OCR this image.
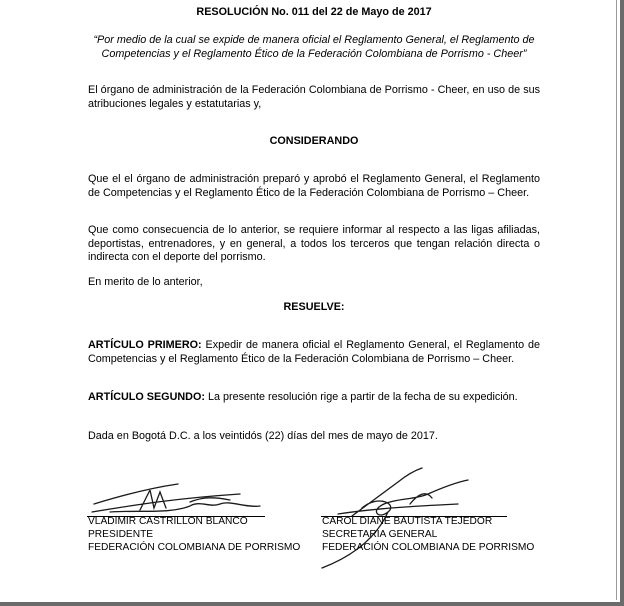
RESOLUCIÓN No. 011 del 22 de Mayo de 2017

“Por medio de la cual se expide de manera oficial el Reglamento General, el Reglamento de Competencias y el Reglamento Ético de la Federación Colombiana de Porrismo - Cheer”

El órgano de administración de la Federación Colombiana de Porrismo - Cheer, en uso de sus atribuciones legales y estatutarias y,

CONSIDERANDO

Que el el órgano de administración preparó y aprobó el Reglamento General, el Reglamento de Competencias y el Reglamento Ético de la Federación Colombiana de Porrismo – Cheer.

Que como consecuencia de lo anterior, se requiere informar al respecto a las ligas afiliadas, deportistas, entrenadores, y en general, a todos los terceros que tengan relación directa o indirecta con el deporte del porrismo.

En merito de lo anterior,

RESUELVE:

ARTÍCULO PRIMERO: Expedir de manera oficial el Reglamento General, el Reglamento de Competencias y el Reglamento Ético de la Federación Colombiana de Porrismo – Cheer.

ARTÍCULO SEGUNDO: La presente resolución rige a partir de la fecha de su expedición.

Dada en Bogotá D.C. a los veintidós (22) días del mes de mayo de 2017.

VLADIMIR CASTRILLON BLANCO
PRESIDENTE
FEDERACIÓN COLOMBIANA DE PORRISMO
CAROL DIANE BAUTISTA TEJEDOR
SECRETARIA GENERAL
FEDERACIÓN COLOMBIANA DE PORRISMO
